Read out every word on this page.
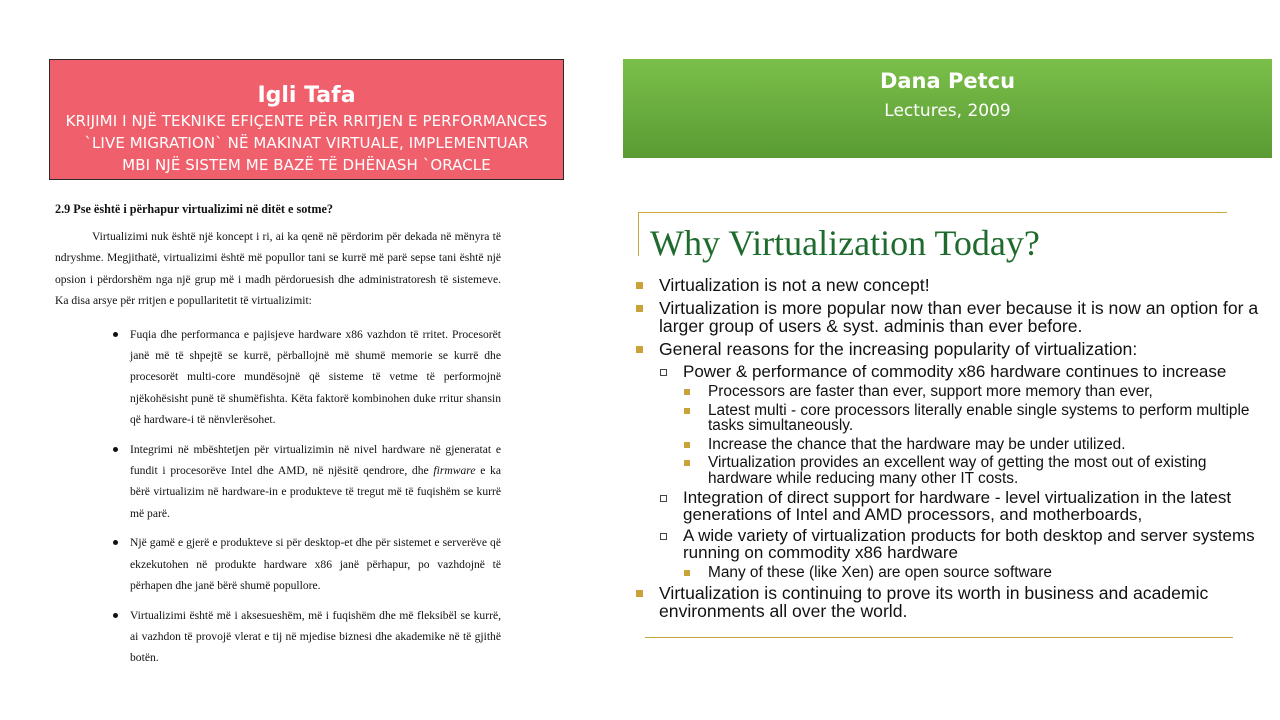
Igli Tafa
KRIJIMI I NJË TEKNIKE EFIÇENTE PËR RRITJEN E PERFORMANCES
`LIVE MIGRATION` NË MAKINAT VIRTUALE, IMPLEMENTUAR
MBI NJË SISTEM ME BAZË TË DHËNASH `ORACLE
Dana Petcu
Lectures, 2009
2.9 Pse është i përhapur virtualizimi në ditët e sotme?

Virtualizimi nuk është një koncept i ri, ai ka qenë në përdorim për dekada në mënyra të ndryshme. Megjithatë, virtualizimi është më popullor tani se kurrë më parë sepse tani është një opsion i përdorshëm nga një grup më i madh përdoruesish dhe administratoresh të sistemeve. Ka disa arsye për rritjen e popullaritetit të virtualizimit:

Fuqia dhe performanca e pajisjeve hardware x86 vazhdon të rritet. Procesorët janë më të shpejtë se kurrë, përballojnë më shumë memorie se kurrë dhe procesorët multi-core mundësojnë që sisteme të vetme të performojnë njëkohësisht punë të shumëfishta. Këta faktorë kombinohen duke rritur shansin që hardware-i të nënvlerësohet.
Integrimi në mbështetjen për virtualizimin në nivel hardware në gjeneratat e fundit i procesorëve Intel dhe AMD, në njësitë qendrore, dhe firmware e ka bërë virtualizim në hardware-in e produkteve të tregut më të fuqishëm se kurrë më parë.
Një gamë e gjerë e produkteve si për desktop-et dhe për sistemet e serverëve që ekzekutohen në produkte hardware x86 janë përhapur, po vazhdojnë të përhapen dhe janë bërë shumë popullore.
Virtualizimi është më i aksesueshëm, më i fuqishëm dhe më fleksibël se kurrë, ai vazhdon të provojë vlerat e tij në mjedise biznesi dhe akademike në të gjithë botën.
Why Virtualization Today?
Virtualization is not a new concept!
Virtualization is more popular now than ever because it is now an option for a larger group of users & syst. adminis than ever before.
General reasons for the increasing popularity of virtualization:
Power & performance of commodity x86 hardware continues to increase
Processors are faster than ever, support more memory than ever,
Latest multi - core processors literally enable single systems to perform multiple tasks simultaneously.
Increase the chance that the hardware may be under utilized.
Virtualization provides an excellent way of getting the most out of existing hardware while reducing many other IT costs.
Integration of direct support for hardware - level virtualization in the latest generations of Intel and AMD processors, and motherboards,
A wide variety of virtualization products for both desktop and server systems running on commodity x86 hardware
Many of these (like Xen) are open source software
Virtualization is continuing to prove its worth in business and academic environments all over the world.
